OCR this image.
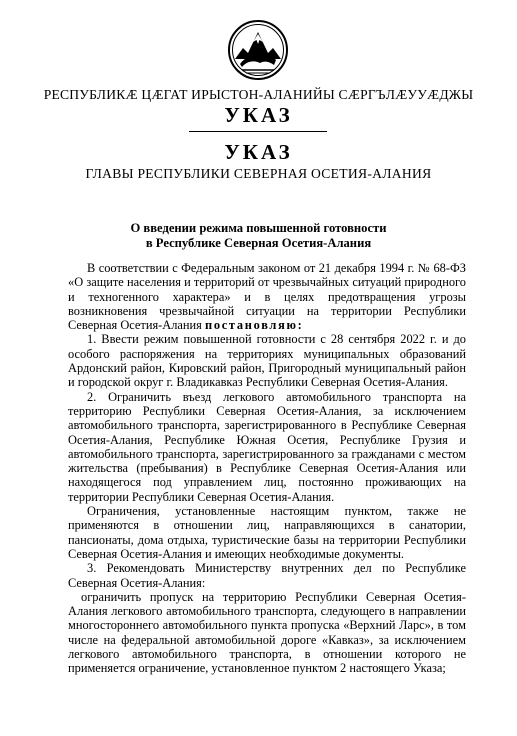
РЕСПУБЛИКӔ ЦӔГАТ ИРЫСТОН-АЛАНИЙЫ СӔРГЪЛӔУУӔДЖЫ
УКАЗ
УКАЗ
ГЛАВЫ РЕСПУБЛИКИ СЕВЕРНАЯ ОСЕТИЯ-АЛАНИЯ
О введении режима повышенной готовности
в Республике Северная Осетия-Алания

В соответствии с Федеральным законом от 21 декабря 1994 г. № 68-ФЗ «О защите населения и территорий от чрезвычайных ситуаций природного и техногенного характера» и в целях предотвращения угрозы возникновения чрезвычайной ситуации на территории Республики Северная Осетия-Алания постановляю:

1. Ввести режим повышенной готовности с 28 сентября 2022 г. и до особого распоряжения на территориях муниципальных образований Ардонский район, Кировский район, Пригородный муниципальный район и городской округ г. Владикавказ Республики Северная Осетия-Алания.

2. Ограничить въезд легкового автомобильного транспорта на территорию Республики Северная Осетия-Алания, за исключением автомобильного транспорта, зарегистрированного в Республике Северная Осетия-Алания, Республике Южная Осетия, Республике Грузия и автомобильного транспорта, зарегистрированного за гражданами с местом жительства (пребывания) в Республике Северная Осетия-Алания или находящегося под управлением лиц, постоянно проживающих на территории Республики Северная Осетия-Алания.

Ограничения, установленные настоящим пунктом, также не применяются в отношении лиц, направляющихся в санатории, пансионаты, дома отдыха, туристические базы на территории Республики Северная Осетия-Алания и имеющих необходимые документы.

3. Рекомендовать Министерству внутренних дел по Республике Северная Осетия-Алания:

ограничить пропуск на территорию Республики Северная Осетия-Алания легкового автомобильного транспорта, следующего в направлении многостороннего автомобильного пункта пропуска «Верхний Ларс», в том числе на федеральной автомобильной дороге «Кавказ», за исключением легкового автомобильного транспорта, в отношении которого не применяется ограничение, установленное пунктом 2 настоящего Указа;
